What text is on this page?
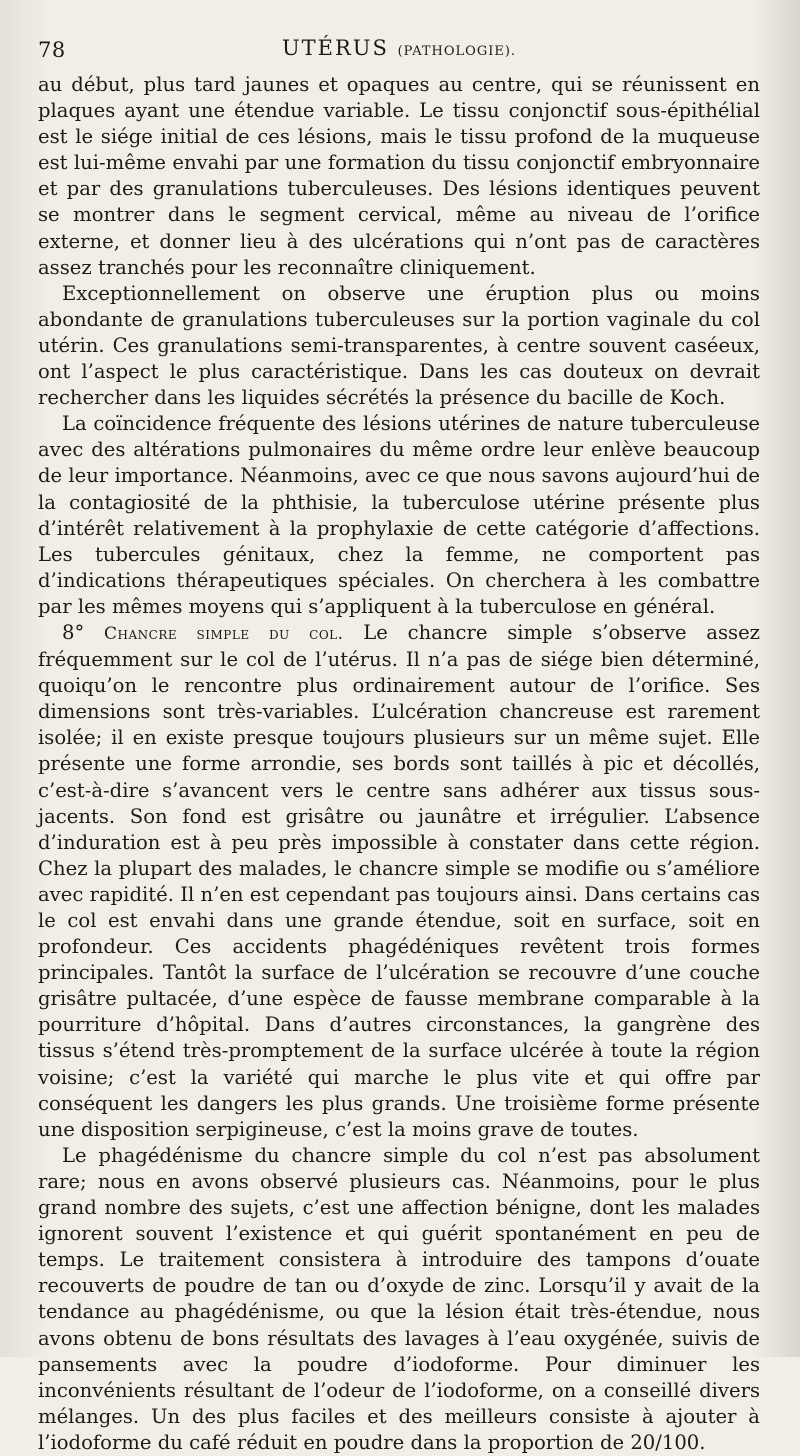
78	UTÉRUS (PATHOLOGIE).

au début, plus tard jaunes et opaques au centre, qui se réunissent en plaques ayant une étendue variable. Le tissu conjonctif sous-épithélial est le siége initial de ces lésions, mais le tissu profond de la muqueuse est lui-même envahi par une formation du tissu conjonctif embryonnaire et par des granulations tuberculeuses. Des lésions identiques peuvent se montrer dans le segment cervical, même au niveau de l’orifice externe, et donner lieu à des ulcérations qui n’ont pas de caractères assez tranchés pour les reconnaître cliniquement.

Exceptionnellement on observe une éruption plus ou moins abondante de granulations tuberculeuses sur la portion vaginale du col utérin. Ces granulations semi-transparentes, à centre souvent caséeux, ont l’aspect le plus caractéristique. Dans les cas douteux on devrait rechercher dans les liquides sécrétés la présence du bacille de Koch.

La coïncidence fréquente des lésions utérines de nature tuberculeuse avec des altérations pulmonaires du même ordre leur enlève beaucoup de leur importance. Néanmoins, avec ce que nous savons aujourd’hui de la contagiosité de la phthisie, la tuberculose utérine présente plus d’intérêt relativement à la prophylaxie de cette catégorie d’affections. Les tubercules génitaux, chez la femme, ne comportent pas d’indications thérapeutiques spéciales. On cherchera à les combattre par les mêmes moyens qui s’appliquent à la tuberculose en général.

8° Chancre simple du col. Le chancre simple s’observe assez fréquemment sur le col de l’utérus. Il n’a pas de siége bien déterminé, quoiqu’on le rencontre plus ordinairement autour de l’orifice. Ses dimensions sont très-variables. L’ulcération chancreuse est rarement isolée; il en existe presque toujours plusieurs sur un même sujet. Elle présente une forme arrondie, ses bords sont taillés à pic et décollés, c’est-à-dire s’avancent vers le centre sans adhérer aux tissus sous-jacents. Son fond est grisâtre ou jaunâtre et irrégulier. L’absence d’induration est à peu près impossible à constater dans cette région. Chez la plupart des malades, le chancre simple se modifie ou s’améliore avec rapidité. Il n’en est cependant pas toujours ainsi. Dans certains cas le col est envahi dans une grande étendue, soit en surface, soit en profondeur. Ces accidents phagédéniques revêtent trois formes principales. Tantôt la surface de l’ulcération se recouvre d’une couche grisâtre pultacée, d’une espèce de fausse membrane comparable à la pourriture d’hôpital. Dans d’autres circonstances, la gangrène des tissus s’étend très-promptement de la surface ulcérée à toute la région voisine; c’est la variété qui marche le plus vite et qui offre par conséquent les dangers les plus grands. Une troisième forme présente une disposition serpigineuse, c’est la moins grave de toutes.

Le phagédénisme du chancre simple du col n’est pas absolument rare; nous en avons observé plusieurs cas. Néanmoins, pour le plus grand nombre des sujets, c’est une affection bénigne, dont les malades ignorent souvent l’existence et qui guérit spontanément en peu de temps. Le traitement consistera à introduire des tampons d’ouate recouverts de poudre de tan ou d’oxyde de zinc. Lorsqu’il y avait de la tendance au phagédénisme, ou que la lésion était très-étendue, nous avons obtenu de bons résultats des lavages à l’eau oxygénée, suivis de pansements avec la poudre d’iodoforme. Pour diminuer les inconvénients résultant de l’odeur de l’iodoforme, on a conseillé divers mélanges. Un des plus faciles et des meilleurs consiste à ajouter à l’iodoforme du café réduit en poudre dans la proportion de 20/100.
